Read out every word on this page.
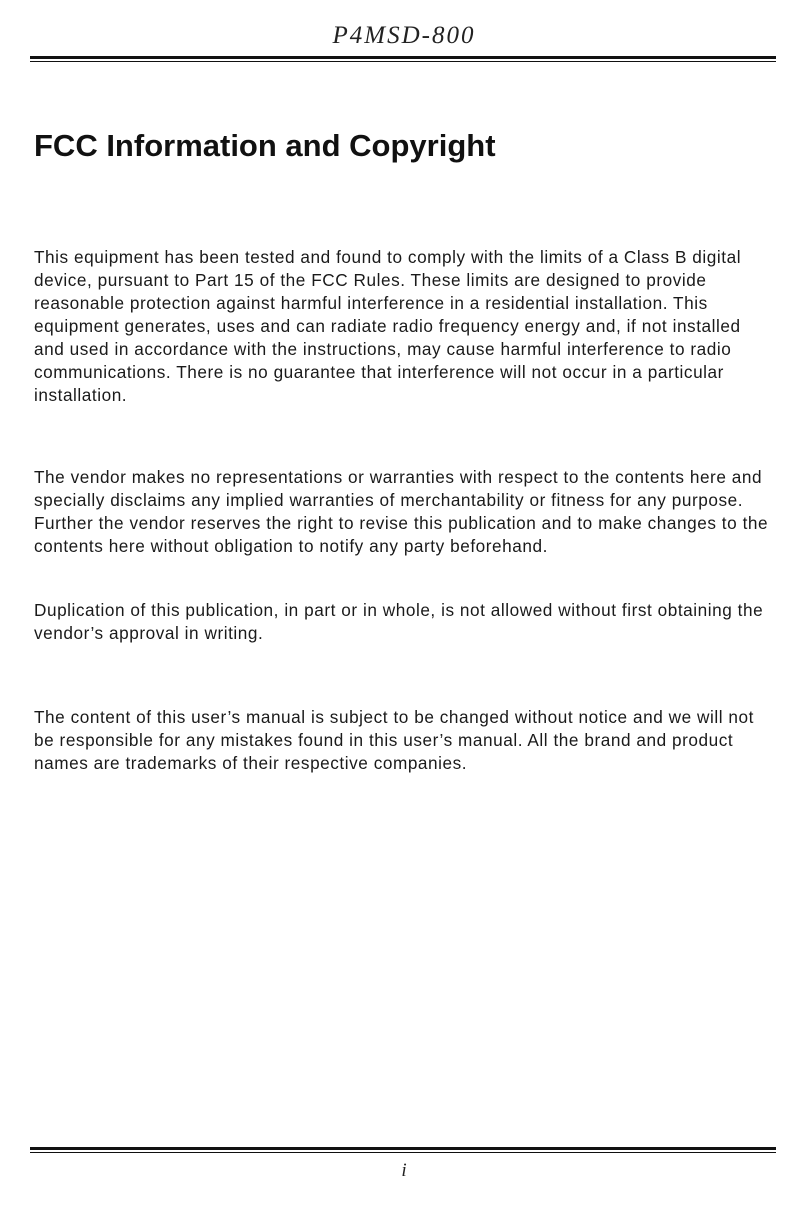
P4MSD-800
FCC Information and Copyright

This equipment has been tested and found to comply with the limits of a Class B digital device, pursuant to Part 15 of the FCC Rules. These limits are designed to provide reasonable protection against harmful interference in a residential installation. This equipment generates, uses and can radiate radio frequency energy and, if not installed and used in accordance with the instructions, may cause harmful interference to radio communications. There is no guarantee that interference will not occur in a particular installation.

The vendor makes no representations or warranties with respect to the contents here and specially disclaims any implied warranties of merchantability or fitness for any purpose. Further the vendor reserves the right to revise this publication and to make changes to the contents here without obligation to notify any party beforehand.

Duplication of this publication, in part or in whole, is not allowed without first obtaining the vendor’s approval in writing.

The content of this user’s manual is subject to be changed without notice and we will not be responsible for any mistakes found in this user’s manual. All the brand and product names are trademarks of their respective companies.

i
